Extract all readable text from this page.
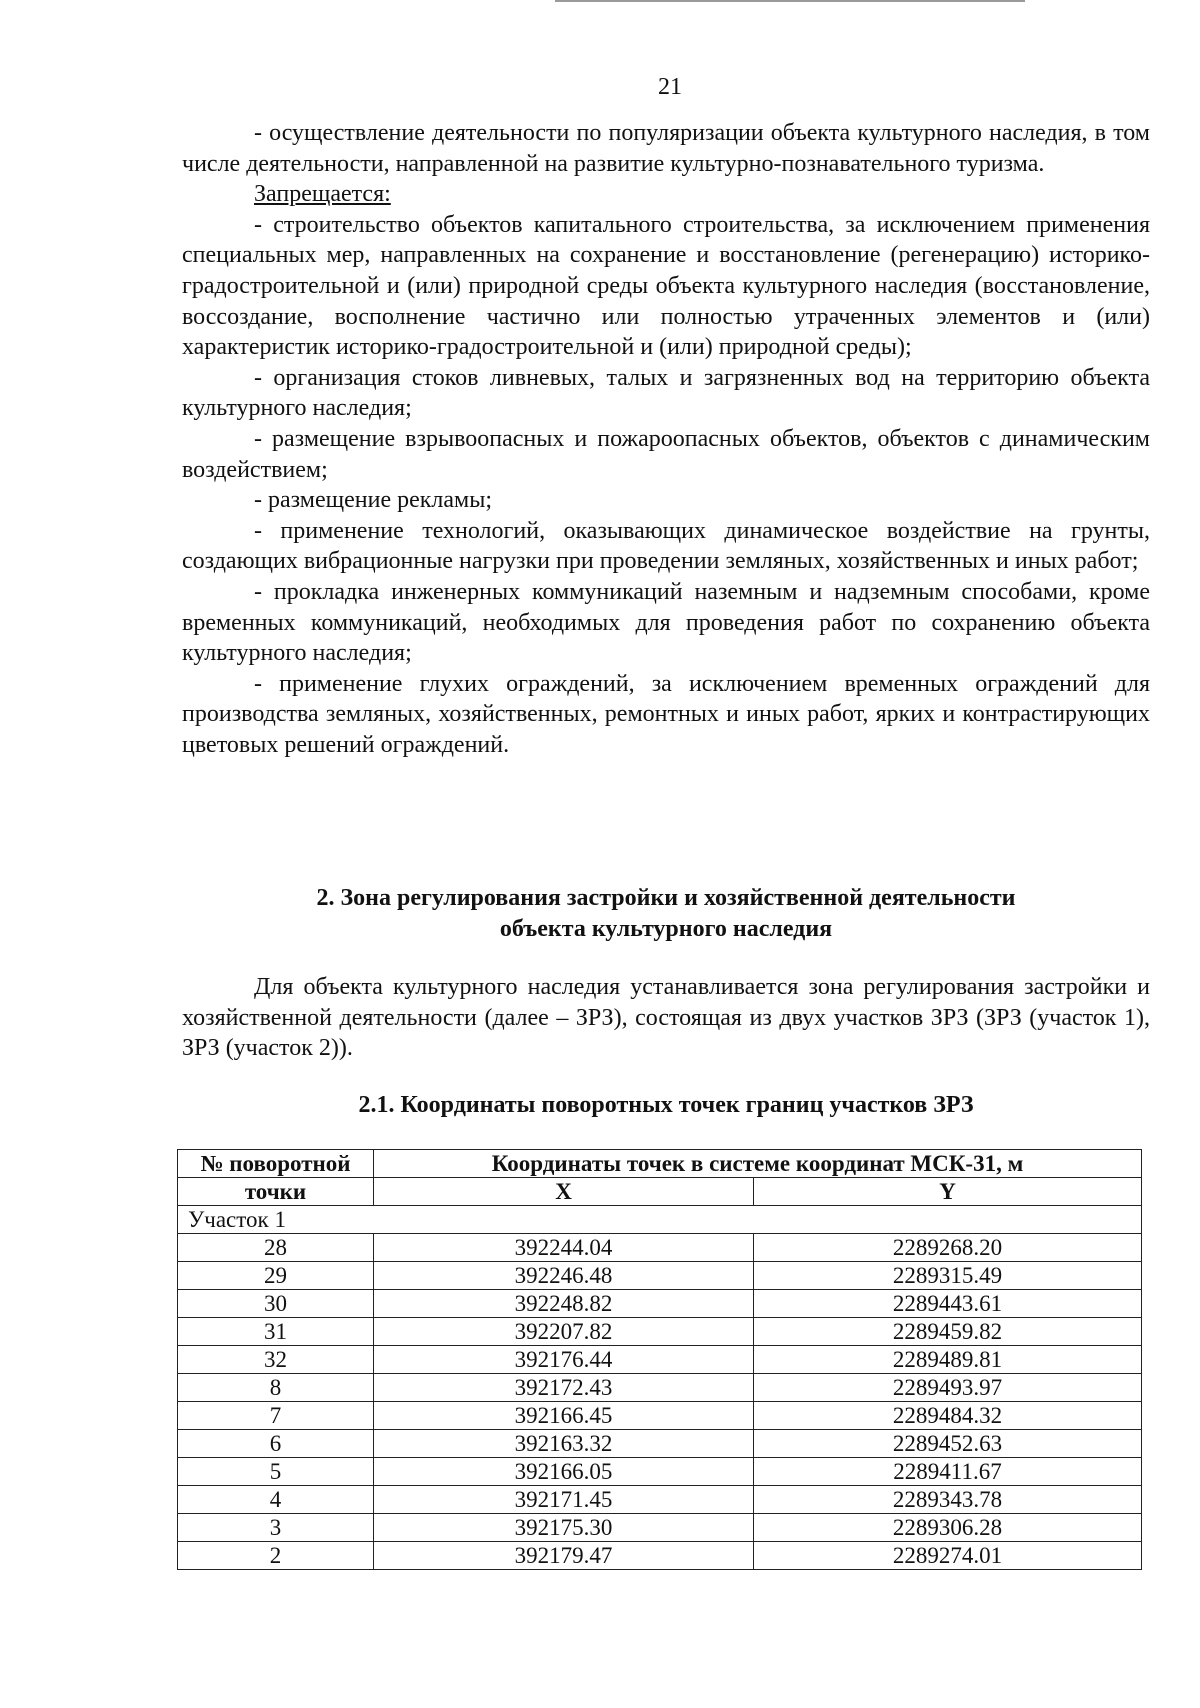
21

- осуществление деятельности по популяризации объекта культурного наследия, в том числе деятельности, направленной на развитие культурно-познавательного туризма.

Запрещается:

- строительство объектов капитального строительства, за исключением применения специальных мер, направленных на сохранение и восстановление (регенерацию) историко-градостроительной и (или) природной среды объекта культурного наследия (восстановление, воссоздание, восполнение частично или полностью утраченных элементов и (или) характеристик историко-градостроительной и (или) природной среды);

- организация стоков ливневых, талых и загрязненных вод на территорию объекта культурного наследия;

- размещение взрывоопасных и пожароопасных объектов, объектов с динамическим воздействием;

- размещение рекламы;

- применение технологий, оказывающих динамическое воздействие на грунты, создающих вибрационные нагрузки при проведении земляных, хозяйственных и иных работ;

- прокладка инженерных коммуникаций наземным и надземным способами, кроме временных коммуникаций, необходимых для проведения работ по сохранению объекта культурного наследия;

- применение глухих ограждений, за исключением временных ограждений для производства земляных, хозяйственных, ремонтных и иных работ, ярких и контрастирующих цветовых решений ограждений.

2. Зона регулирования застройки и хозяйственной деятельности
объекта культурного наследия

Для объекта культурного наследия устанавливается зона регулирования застройки и хозяйственной деятельности (далее – ЗРЗ), состоящая из двух участков ЗРЗ (ЗРЗ (участок 1), ЗРЗ (участок 2)).

2.1. Координаты поворотных точек границ участков ЗРЗ
№ поворотной	Координаты точек в системе координат МСК-31, м	
точки	X	Y
Участок 1		
28	392244.04	2289268.20
29	392246.48	2289315.49
30	392248.82	2289443.61
31	392207.82	2289459.82
32	392176.44	2289489.81
8	392172.43	2289493.97
7	392166.45	2289484.32
6	392163.32	2289452.63
5	392166.05	2289411.67
4	392171.45	2289343.78
3	392175.30	2289306.28
2	392179.47	2289274.01
